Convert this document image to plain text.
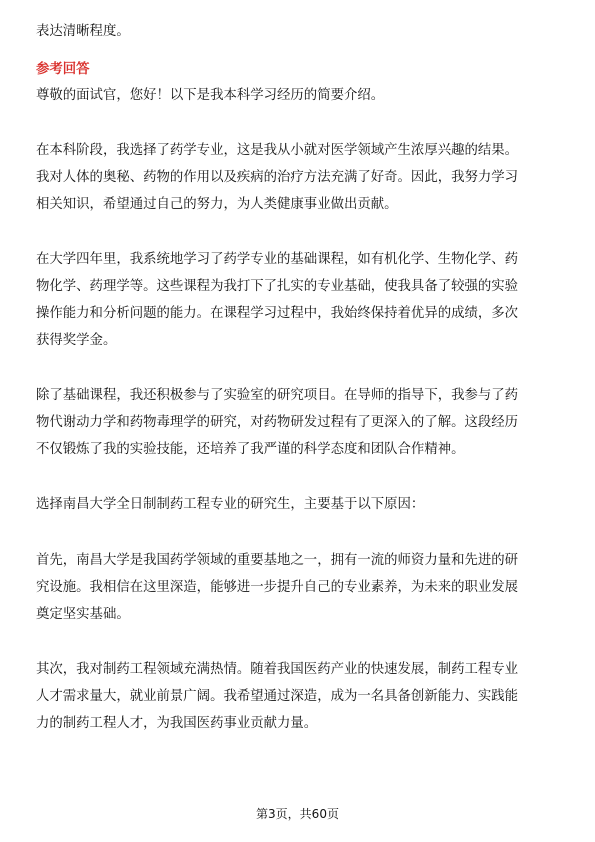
表达清晰程度。
参考回答
尊敬的面试官，您好！以下是我本科学习经历的简要介绍。
在本科阶段，我选择了药学专业，这是我从小就对医学领域产生浓厚兴趣的结果。
我对人体的奥秘、药物的作用以及疾病的治疗方法充满了好奇。因此，我努力学习
相关知识，希望通过自己的努力，为人类健康事业做出贡献。
在大学四年里，我系统地学习了药学专业的基础课程，如有机化学、生物化学、药
物化学、药理学等。这些课程为我打下了扎实的专业基础，使我具备了较强的实验
操作能力和分析问题的能力。在课程学习过程中，我始终保持着优异的成绩，多次
获得奖学金。
除了基础课程，我还积极参与了实验室的研究项目。在导师的指导下，我参与了药
物代谢动力学和药物毒理学的研究，对药物研发过程有了更深入的了解。这段经历
不仅锻炼了我的实验技能，还培养了我严谨的科学态度和团队合作精神。
选择南昌大学全日制制药工程专业的研究生，主要基于以下原因：
首先，南昌大学是我国药学领域的重要基地之一，拥有一流的师资力量和先进的研
究设施。我相信在这里深造，能够进一步提升自己的专业素养，为未来的职业发展
奠定坚实基础。
其次，我对制药工程领域充满热情。随着我国医药产业的快速发展，制药工程专业
人才需求量大，就业前景广阔。我希望通过深造，成为一名具备创新能力、实践能
力的制药工程人才，为我国医药事业贡献力量。
第3页，共60页
